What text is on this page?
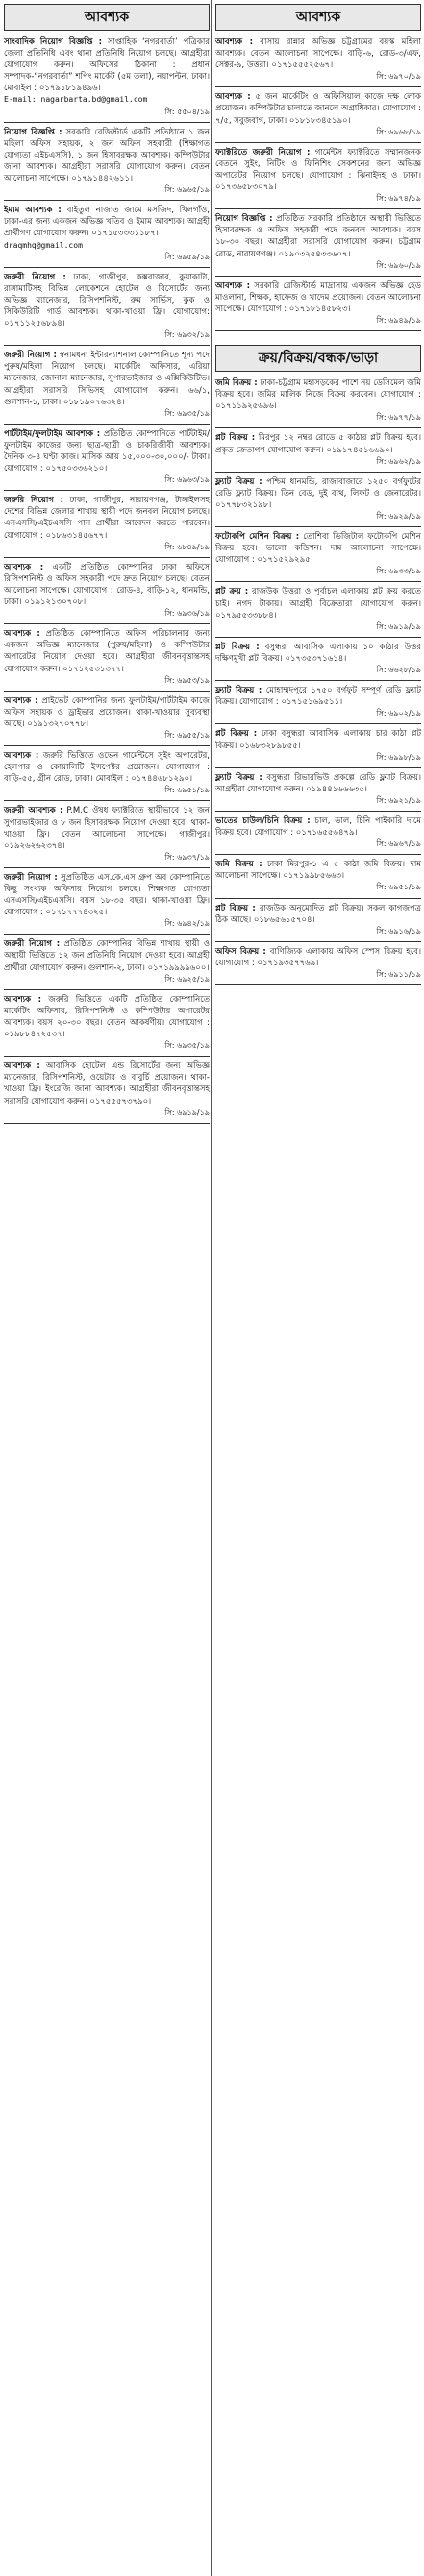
আবশ্যক
সাংবাদিক নিয়োগ বিজ্ঞপ্তি : সাপ্তাহিক ‘নগরবার্তা’ পত্রিকার জেলা প্রতিনিধি এবং থানা প্রতিনিধি নিয়োগ চলছে। আগ্রহীরা যোগাযোগ করুন। অফিসের ঠিকানা : প্রধান সম্পাদক-“নগরবার্তা” শপিং মার্কেট (৫ম তলা), নয়াপল্টন, ঢাকা। মোবাইল : ০১৭৯১৮১৯৪৯৬।
E-mail: nagarbarta.bd@gmail.com
সি: ৫৫০৪/১৯
নিয়োগ বিজ্ঞপ্তি : সরকারি রেজিস্টার্ড একটি প্রতিষ্ঠানে ১ জন মহিলা অফিস সহায়ক, ২ জন অফিস সহকারী (শিক্ষাগত যোগ্যতা এইচএসসি), ১ জন হিসাবরক্ষক আবশ্যক। কম্পিউটার জানা আবশ্যক। আগ্রহীরা সরাসরি যোগাযোগ করুন। বেতন আলোচনা সাপেক্ষে। ০১৭৯১৪৪২৬১১।
সি: ৬৯৬৫/১৯
ইমাম আবশ্যক : বাইতুল নাজাত জামে মসজিদ, খিলগাঁও, ঢাকা-এর জন্য একজন অভিজ্ঞ খতিব ও ইমাম আবশ্যক। আগ্রহী প্রার্থীগণ যোগাযোগ করুন। ০১৭১৫৩৩৩১১৮৭।
draqmhq@gmail.com
সি: ৬৯৫৯/১৯
জরুরী নিয়োগ : ঢাকা, গাজীপুর, কক্সবাজার, কুয়াকাটা, রাঙ্গামাটিসহ বিভিন্ন লোকেশনে হোটেল ও রিসোর্টের জন্য অভিজ্ঞ ম্যানেজার, রিসিপশনিস্ট, রুম সার্ভিস, কুক ও সিকিউরিটি গার্ড আবশ্যক। থাকা-খাওয়া ফ্রি। যোগাযোগ: ০১৭১১২৫৬৮৯৪।
সি: ৬৯৩২/১৯
জরুরী নিয়োগ : স্বনামধন্য ইন্টারন্যাশনাল কোম্পানিতে শূন্য পদে পুরুষ/মহিলা নিয়োগ চলছে। মার্কেটিং অফিসার, এরিয়া ম্যানেজার, জোনাল ম্যানেজার, সুপারভাইজার ও এক্সিকিউটিভ। আগ্রহীরা সরাসরি সিভিসহ যোগাযোগ করুন। ৬৬/১, গুলশান-১, ঢাকা। ০১৮১৯০৭৬৩২৪।
সি: ৬৯৩৫/১৯
পার্টটাইম/ফুলটাইম আবশ্যক : প্রতিষ্ঠিত কোম্পানিতে পার্টটাইম/ফুলটাইম কাজের জন্য ছাত্র-ছাত্রী ও চাকরিজীবী আবশ্যক। দৈনিক ৩-৪ ঘণ্টা কাজ। মাসিক আয় ১৫,০০০-৩০,০০০/- টাকা। যোগাযোগ : ০১৭৫০৩৩৬২১০।
সি: ৬৯৬৩/১৯
জরুরি নিয়োগ : ঢাকা, গাজীপুর, নারায়ণগঞ্জ, টাঙ্গাইলসহ দেশের বিভিন্ন জেলার শাখায় স্থায়ী পদে জনবল নিয়োগ চলছে। এসএসসি/এইচএসসি পাস প্রার্থীরা আবেদন করতে পারবেন। যোগাযোগ : ০১৮৬৩১৪৫৬৭৭।
সি: ৬৮৪৯/১৯
আবশ্যক : একটি প্রতিষ্ঠিত কোম্পানির ঢাকা অফিসে রিসিপশনিস্ট ও অফিস সহকারী পদে দ্রুত নিয়োগ চলছে। বেতন আলোচনা সাপেক্ষে। যোগাযোগ : রোড-৪, বাড়ি-১২, ধানমন্ডি, ঢাকা। ০১৯১২১৩০৭০৮।
সি: ৬৯৩৬/১৯
আবশ্যক : প্রতিষ্ঠিত কোম্পানিতে অফিস পরিচালনার জন্য একজন অভিজ্ঞ ম্যানেজার (পুরুষ/মহিলা) ও কম্পিউটার অপারেটর নিয়োগ দেওয়া হবে। আগ্রহীরা জীবনবৃত্তান্তসহ যোগাযোগ করুন। ০১৭১২৫৩১৩৭৭।
সি: ৬৯৫৩/১৯
আবশ্যক : প্রাইভেট কোম্পানির জন্য ফুলটাইম/পার্টটাইম কাজে অফিস সহায়ক ও ড্রাইভার প্রয়োজন। থাকা-খাওয়ার সুব্যবস্থা আছে। ০১৯১৩২৭০৭৭৮।
সি: ৬৯৫৫/১৯
আবশ্যক : জরুরি ভিত্তিতে ওভেন গার্মেন্টসে সুইং অপারেটর, হেলপার ও কোয়ালিটি ইন্সপেক্টর প্রয়োজন। যোগাযোগ : বাড়ি-৫৫, গ্রীন রোড, ঢাকা। মোবাইল : ০১৭৪৪৬৮১২৯০।
সি: ৬৯৫১/১৯
জরুরী আবশ্যক : P.M.C ঔষধ ফ্যাক্টরিতে স্থায়ীভাবে ১২ জন সুপারভাইজার ও ৮ জন হিসাবরক্ষক নিয়োগ দেওয়া হবে। থাকা-খাওয়া ফ্রি। বেতন আলোচনা সাপেক্ষে। গাজীপুর। ০১৯২৬২৬২৩৭৪।
সি: ৬৯৩৭/১৯
জরুরী নিয়োগ : সুপ্রতিষ্ঠিত এস.কে.এস গ্রুপ অব কোম্পানিতে কিছু সংখ্যক অফিসার নিয়োগ চলছে। শিক্ষাগত যোগ্যতা এসএসসি/এইচএসসি। বয়স ১৮-৩৫ বছর। থাকা-খাওয়া ফ্রি। যোগাযোগ : ০১৭১৭৭৭৪৩২৫।
সি: ৬৯৪২/১৯
জরুরী নিয়োগ : প্রতিষ্ঠিত কোম্পানির বিভিন্ন শাখায় স্থায়ী ও অস্থায়ী ভিত্তিতে ১২ জন প্রতিনিধি নিয়োগ দেওয়া হবে। আগ্রহী প্রার্থীরা যোগাযোগ করুন। গুলশান-২, ঢাকা। ০১৭১৯৯৯৯৬০০।
সি: ৬৯২৫/১৯
আবশ্যক : জরুরি ভিত্তিতে একটি প্রতিষ্ঠিত কোম্পানিতে মার্কেটিং অফিসার, রিসিপশনিস্ট ও কম্পিউটার অপারেটর আবশ্যক। বয়স ২০-৩০ বছর। বেতন আকর্ষণীয়। যোগাযোগ : ০১৯৮৮৪৭২৫৩৭।
সি: ৬৯৩৫/১৯
আবশ্যক : আবাসিক হোটেল এন্ড রিসোর্টের জন্য অভিজ্ঞ ম্যানেজার, রিসিপশনিস্ট, ওয়েটার ও বাবুর্চি প্রয়োজন। থাকা-খাওয়া ফ্রি। ইংরেজি জানা আবশ্যক। আগ্রহীরা জীবনবৃত্তান্তসহ সরাসরি যোগাযোগ করুন। ০১৭৫৫৫৭৩৭৯০।
সি: ৬৯১৯/১৯
আবশ্যক
আবশ্যক : বাসায় রান্নার অভিজ্ঞ চট্টগ্রামের বয়স্ক মহিলা আবশ্যক। বেতন আলোচনা সাপেক্ষে। বাড়ি-৬, রোড-৩/এফ, সেক্টর-৯, উত্তরা। ০১৭১৫৫৫২৫৬৭।
সি: ৬৯৭০/১৯
আবশ্যক : ৫ জন মার্কেটিং ও অফিসিয়াল কাজে দক্ষ লোক প্রয়োজন। কম্পিউটার চালাতে জানলে অগ্রাধিকার। যোগাযোগ : ৭/৫, সবুজবাগ, ঢাকা। ০১৮১৮৩৪৫১৯০।
সি: ৬৯৬৮/১৯
ফ্যাক্টরিতে জরুরী নিয়োগ : গার্মেন্টস ফ্যাক্টরিতে সম্মানজনক বেতনে সুইং, নিটিং ও ফিনিশিং সেকশনের জন্য অভিজ্ঞ অপারেটর নিয়োগ চলছে। যোগাযোগ : ঝিনাইদহ ও ঢাকা। ০১৭৩৬৫৮৩০৭৯।
সি: ৬৯৭৪/১৯
নিয়োগ বিজ্ঞপ্তি : প্রতিষ্ঠিত সরকারি প্রতিষ্ঠানে অস্থায়ী ভিত্তিতে হিসাবরক্ষক ও অফিস সহকারী পদে জনবল আবশ্যক। বয়স ১৮-৩০ বছর। আগ্রহীরা সরাসরি যোগাযোগ করুন। চট্টগ্রাম রোড, নারায়ণগঞ্জ। ০১৯০৩২৫৪৩৩৬০৭।
সি: ৬৯৬০/১৯
আবশ্যক : সরকারি রেজিস্টার্ড মাদ্রাসায় একজন অভিজ্ঞ হেড মাওলানা, শিক্ষক, হাফেজ ও খাদেম প্রয়োজন। বেতন আলোচনা সাপেক্ষে। যোগাযোগ : ০১৭১৮১৪৫৮২৩।
সি: ৬৯৪৯/১৯
ক্রয়/বিক্রয়/বন্ধক/ভাড়া
জমি বিক্রয় : ঢাকা-চট্টগ্রাম মহাসড়কের পাশে নয় ডেসিমেল জমি বিক্রয় হবে। জমির মালিক নিজে বিক্রয় করবেন। যোগাযোগ : ০১৭১১৯২৫৬৯৬।
সি: ৬৯৭৭/১৯
প্লট বিক্রয় : মিরপুর ১২ নম্বর রোডে ৫ কাঠার প্লট বিক্রয় হবে। প্রকৃত ক্রেতাগণ যোগাযোগ করুন। ০১৯১৭৪৫১৬৬৯০।
সি: ৬৯৬২/১৯
ফ্ল্যাট বিক্রয় : পশ্চিম ধানমন্ডি, রাজাবাজারে ১২৫০ বর্গফুটের রেডি ফ্ল্যাট বিক্রয়। তিন বেড, দুই বাথ, লিফট ও জেনারেটর। ০১৭৭৮৩২১৯৮।
সি: ৬৯২৯/১৯
ফটোকপি মেশিন বিক্রয় : তোশিবা ডিজিটাল ফটোকপি মেশিন বিক্রয় হবে। ভালো কন্ডিশন। দাম আলোচনা সাপেক্ষে। যোগাযোগ : ০১৭১৫২৯২৯৫।
সি: ৬৯৩৩/১৯
প্লট ক্রয় : রাজউক উত্তরা ও পূর্বাচল এলাকায় প্লট ক্রয় করতে চাই। নগদ টাকায়। আগ্রহী বিক্রেতারা যোগাযোগ করুন। ০১৭৯৫৫৩৩৮৮৪।
সি: ৬৯১৯/১৯
প্লট বিক্রয় : বসুন্ধরা আবাসিক এলাকায় ১০ কাঠার উত্তর দক্ষিণমুখী প্লট বিক্রয়। ০১৭৩৫৩৭১৬১৪।
সি: ৬৬২৮/১৯
ফ্ল্যাট বিক্রয় : মোহাম্মদপুরে ১৭৫০ বর্গফুট সম্পূর্ণ রেডি ফ্ল্যাট বিক্রয়। যোগাযোগ : ০১৭১৫১৬৯৫১১।
সি: ৬৯০২/১৯
প্লট বিক্রয় : ঢাকা বসুন্ধরা আবাসিক এলাকায় চার কাঠা প্লট বিক্রয়। ০১৬৮৩২৮৯৮৫৫।
সি: ৬৯৯৮/১৯
ফ্ল্যাট বিক্রয় : বসুন্ধরা রিভারভিউ প্রকল্পে রেডি ফ্ল্যাট বিক্রয়। আগ্রহীরা যোগাযোগ করুন। ০১৯৪৪১৬৬৬৩৫।
সি: ৬৯২১/১৯
ভাতের চাউল/চিনি বিক্রয় : চাল, ডাল, চিনি পাইকারি দামে বিক্রয় হবে। যোগাযোগ : ০১৭১৬৫৫৬৪৭৯।
সি: ৬৯৬৭/১৯
জমি বিক্রয় : ঢাকা মিরপুর-১ এ ৫ কাঠা জমি বিক্রয়। দাম আলোচনা সাপেক্ষে। ০১৭১৯৯৮৫৬৬৩।
সি: ৬৯৫১/১৯
প্লট বিক্রয় : রাজউক অনুমোদিত প্লট বিক্রয়। সকল কাগজপত্র ঠিক আছে। ০১৮৬৫৬১৫৭০৪।
সি: ৬৯১৬/১৯
অফিস বিক্রয় : বাণিজ্যিক এলাকায় অফিস স্পেস বিক্রয় হবে। যোগাযোগ : ০১৭১৯৩৫৭৭৬৯।
সি: ৬৯১১/১৯
